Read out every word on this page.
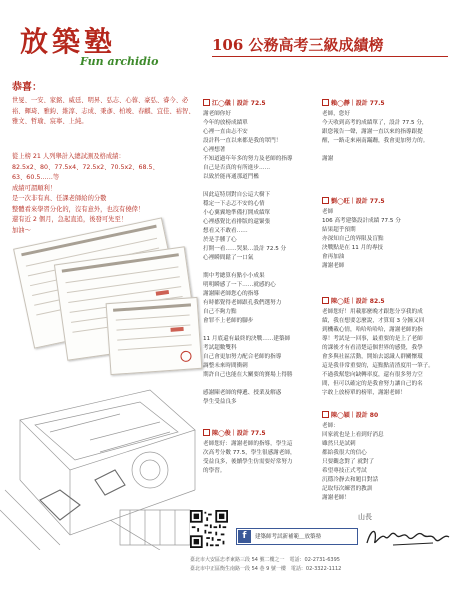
放築塾
Fun archidio
106 公務高考三級成績榜
恭喜：
世旻、一安、家銘、威廷、明昇、弘志、心蓉、豪弘、睿今、必裕、輝琦、雅鈞、維淳、志成、秉彥、柏竣、春麒、宜佳、裕智、雅文、哲瑜、宸寧、上純。
從上榜 21 人列舉計入總試測及格成績：
82.5x2、80、77.5x4、72.5x2、70.5x2、68.5、
63、60.5……等
成績可謂順利！
是一次非有真、任課老師給的分數
整體看來學習分化的，沒有意外，也沒有僥倖！
還有近 2 個月，急起直追，後發可先至！
加油～
江◯儀｜設計 72.5
謝老師你好
今年的放榜成績單
心裡一直由忐不安
設計科一直以來都是我的罩門！
心裡想著
不知道過年年多的努力及老師的指導
自己是否真的有所進步……
以致於能再通那道門檻
因此這特別對自公這大樹下
穩定一下忐忑不安的心情
小心翼翼地準備打開成績單
心裡感覺比看排版的還緊張
想看又不敢看……
於是手腫了心
打開一看……哭果…設計 72.5 分
心裡瞬間鬆了一口氣
期中考總算有點小小成果
明明瞬感了一下……就感的心
謝謝陳老師您心的指導
有時都覺得老師跟孔我們選努力
自己不夠力點
會罪不上老師的腳步
11 月底還有最終的決戰……建築師
考試超數雙科
自己會更加努力配合老師的指導
調整未來時間衝刺
期許自己也能在大關要的賽場上得勝
感謝陳老師的傳遞、授業及解惑
學生受益良多
陳◯俊｜設計 77.5
老師您好：謝謝老師的指導，學生這
次高考分數 77.5，學生很感謝老師，
受益良多，後續學生仿需要好常努力
的學習。
賴◯靜｜設計 77.5
老師，您好
今天收到高考的成績單了，設計 77.5 分，
跟您報告一聲，謝謝一直以來的指導跟提
醒，一路走來兩南蹣跚，我會更加努力的。
謝謝
劉◯旺｜設計 77.5
老師
106 高考建築設計成績 77.5 分
結果超乎預期
亦深知自己的界限及盲點
決戰點是在 11 月的專技
會再加油
謝謝老師
陳◯廷｜設計 82.5
老師您好！用載那麼晚才跟您分享我的成
績，我在想要怎麼說，才算寫 3 分鐘又回
到機載心情，哈哈哈哈哈，謝謝老師的指
導！考試是一回事，最重要的是上了老師
的課後才有看清楚這個世界的感覺，我學
會多與社區活動，開始去認識人群關懷環
這是我非常重要的，這點點清渣度用一筆子。
不過我幫您向缺轉率度，還有很多努力空
間，但可以確定的是我會努力讓自己的名
字敢上放榜單的榜單，謝謝老師！
陳◯穎｜設計 80
老師：
回家就也是上看到好消息
雖然只是試刺
都給我很大的信心
只要觀念對了 就對了
希望專技正式考試
沉穩冷靜去和題目對話
記取每次練習的教訓
謝謝老師！
f	建築師考試新補範＿放築塾
山長
臺北市大安區忠孝東路三段 54 號二樓之一　電話：02-2731-6395
臺北市中正區衡生南路一段 54 巷 9 號一樓　電話：02-3322-1112
